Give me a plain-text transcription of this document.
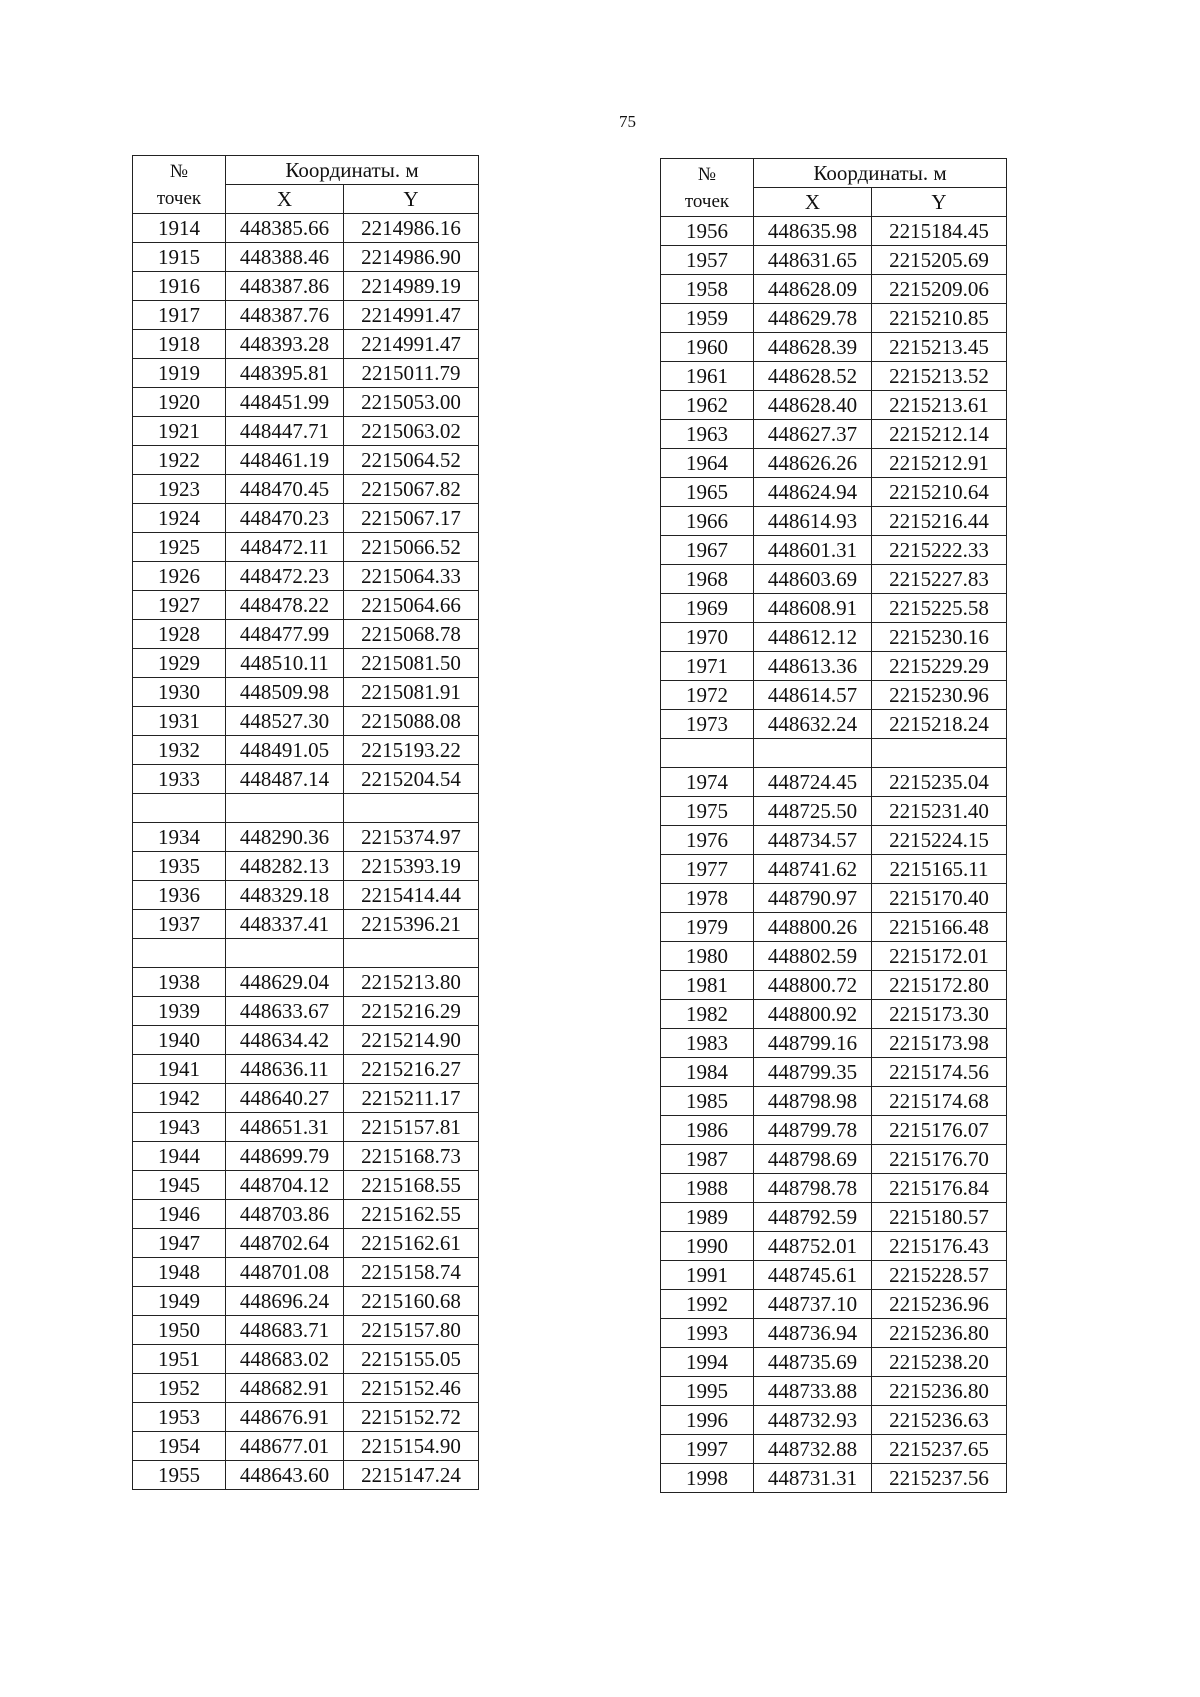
75
№
точек	Координаты. м	
	X	Y
1914	448385.66	2214986.16
1915	448388.46	2214986.90
1916	448387.86	2214989.19
1917	448387.76	2214991.47
1918	448393.28	2214991.47
1919	448395.81	2215011.79
1920	448451.99	2215053.00
1921	448447.71	2215063.02
1922	448461.19	2215064.52
1923	448470.45	2215067.82
1924	448470.23	2215067.17
1925	448472.11	2215066.52
1926	448472.23	2215064.33
1927	448478.22	2215064.66
1928	448477.99	2215068.78
1929	448510.11	2215081.50
1930	448509.98	2215081.91
1931	448527.30	2215088.08
1932	448491.05	2215193.22
1933	448487.14	2215204.54

1934	448290.36	2215374.97
1935	448282.13	2215393.19
1936	448329.18	2215414.44
1937	448337.41	2215396.21

1938	448629.04	2215213.80
1939	448633.67	2215216.29
1940	448634.42	2215214.90
1941	448636.11	2215216.27
1942	448640.27	2215211.17
1943	448651.31	2215157.81
1944	448699.79	2215168.73
1945	448704.12	2215168.55
1946	448703.86	2215162.55
1947	448702.64	2215162.61
1948	448701.08	2215158.74
1949	448696.24	2215160.68
1950	448683.71	2215157.80
1951	448683.02	2215155.05
1952	448682.91	2215152.46
1953	448676.91	2215152.72
1954	448677.01	2215154.90
1955	448643.60	2215147.24
№
точек	Координаты. м	
	X	Y
1956	448635.98	2215184.45
1957	448631.65	2215205.69
1958	448628.09	2215209.06
1959	448629.78	2215210.85
1960	448628.39	2215213.45
1961	448628.52	2215213.52
1962	448628.40	2215213.61
1963	448627.37	2215212.14
1964	448626.26	2215212.91
1965	448624.94	2215210.64
1966	448614.93	2215216.44
1967	448601.31	2215222.33
1968	448603.69	2215227.83
1969	448608.91	2215225.58
1970	448612.12	2215230.16
1971	448613.36	2215229.29
1972	448614.57	2215230.96
1973	448632.24	2215218.24

1974	448724.45	2215235.04
1975	448725.50	2215231.40
1976	448734.57	2215224.15
1977	448741.62	2215165.11
1978	448790.97	2215170.40
1979	448800.26	2215166.48
1980	448802.59	2215172.01
1981	448800.72	2215172.80
1982	448800.92	2215173.30
1983	448799.16	2215173.98
1984	448799.35	2215174.56
1985	448798.98	2215174.68
1986	448799.78	2215176.07
1987	448798.69	2215176.70
1988	448798.78	2215176.84
1989	448792.59	2215180.57
1990	448752.01	2215176.43
1991	448745.61	2215228.57
1992	448737.10	2215236.96
1993	448736.94	2215236.80
1994	448735.69	2215238.20
1995	448733.88	2215236.80
1996	448732.93	2215236.63
1997	448732.88	2215237.65
1998	448731.31	2215237.56
